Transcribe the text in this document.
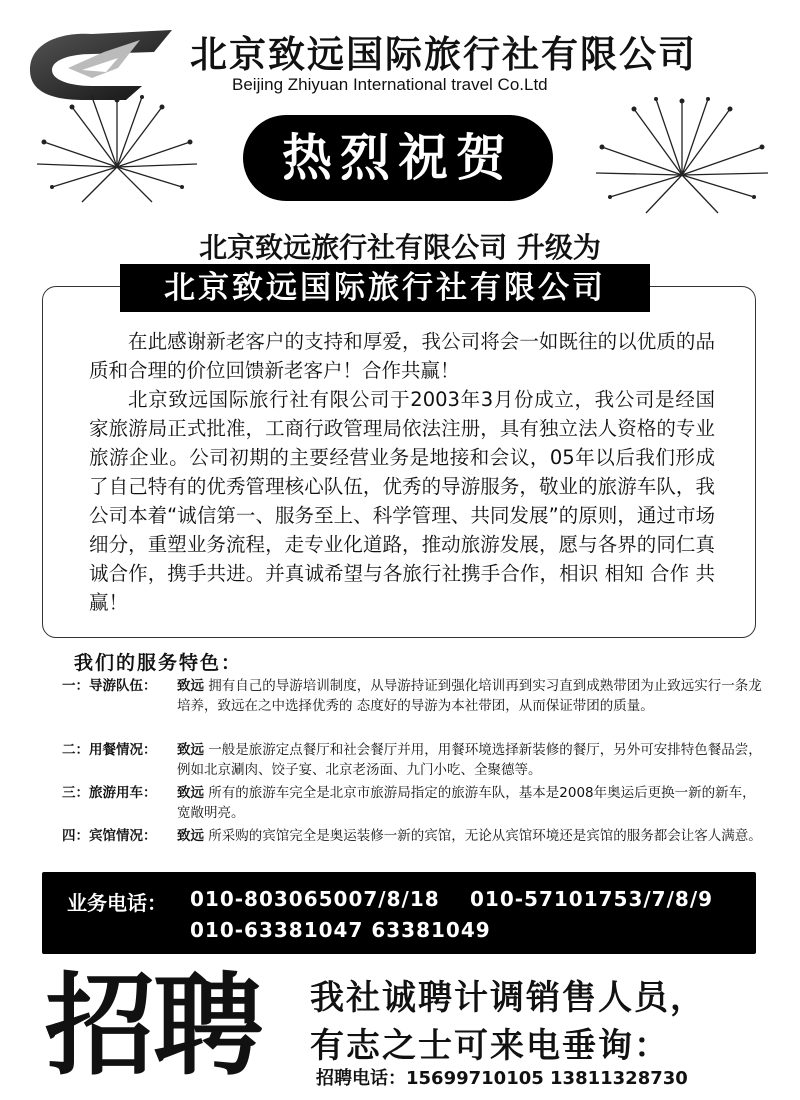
北京致远国际旅行社有限公司
Beijing Zhiyuan International travel Co.Ltd
热烈祝贺
北京致远旅行社有限公司 升级为
北京致远国际旅行社有限公司

在此感谢新老客户的支持和厚爱，我公司将会一如既往的以优质的品质和合理的价位回馈新老客户！合作共赢！

北京致远国际旅行社有限公司于2003年3月份成立，我公司是经国家旅游局正式批准，工商行政管理局依法注册，具有独立法人资格的专业旅游企业。公司初期的主要经营业务是地接和会议，05年以后我们形成了自己特有的优秀管理核心队伍，优秀的导游服务，敬业的旅游车队，我公司本着“诚信第一、服务至上、科学管理、共同发展”的原则，通过市场细分，重塑业务流程，走专业化道路，推动旅游发展，愿与各界的同仁真诚合作，携手共进。并真诚希望与各旅行社携手合作，相识 相知 合作 共赢！

我们的服务特色：
一：导游队伍：	致远 拥有自己的导游培训制度，从导游持证到强化培训再到实习直到成熟带团为止致远实行一条龙培养，致远在之中选择优秀的 态度好的导游为本社带团，从而保证带团的质量。
二：用餐情况：	致远 一般是旅游定点餐厅和社会餐厅并用，用餐环境选择新装修的餐厅，另外可安排特色餐品尝，例如北京涮肉、饺子宴、北京老汤面、九门小吃、全聚德等。
三：旅游用车：	致远 所有的旅游车完全是北京市旅游局指定的旅游车队，基本是2008年奥运后更换一新的新车，宽敞明亮。
四：宾馆情况：	致远 所采购的宾馆完全是奥运装修一新的宾馆，无论从宾馆环境还是宾馆的服务都会让客人满意。
业务电话： 010-803065007/8/18 010-57101753/7/8/9
010-63381047 63381049
招聘 我社诚聘计调销售人员，
有志之士可来电垂询：
招聘电话：15699710105 13811328730
